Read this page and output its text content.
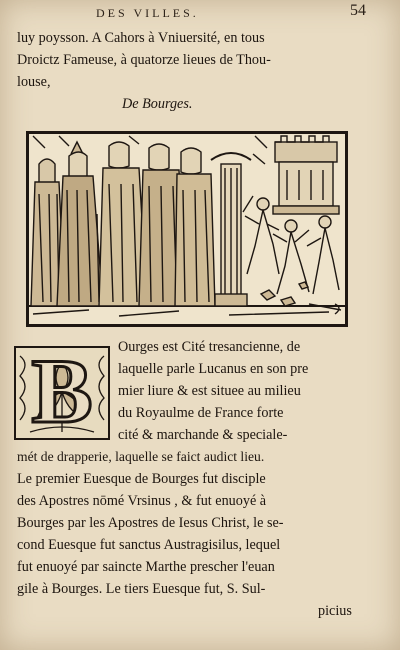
DES VILLES.	54
luy poysson. A Cahors à Vniuersité, en tous
Droictz Fameuse, à quatorze lieues de Thou-
louse,
De Bourges.
B	Ourges est Cité tresancienne, de
laquelle parle Lucanus en son pre
mier liure & est situee au milieu
du Royaulme de France forte
cité & marchande & speciale-
mét de drapperie, laquelle se faict audict lieu.
Le premier Euesque de Bourges fut disciple
des Apostres nōmé Vrsinus , & fut enuoyé à
Bourges par les Apostres de Iesus Christ, le se-
cond Euesque fut sanctus Austragisilus, lequel
fut enuoyé par saincte Marthe prescher l'euan
gile à Bourges. Le tiers Euesque fut, S. Sul-
picius
